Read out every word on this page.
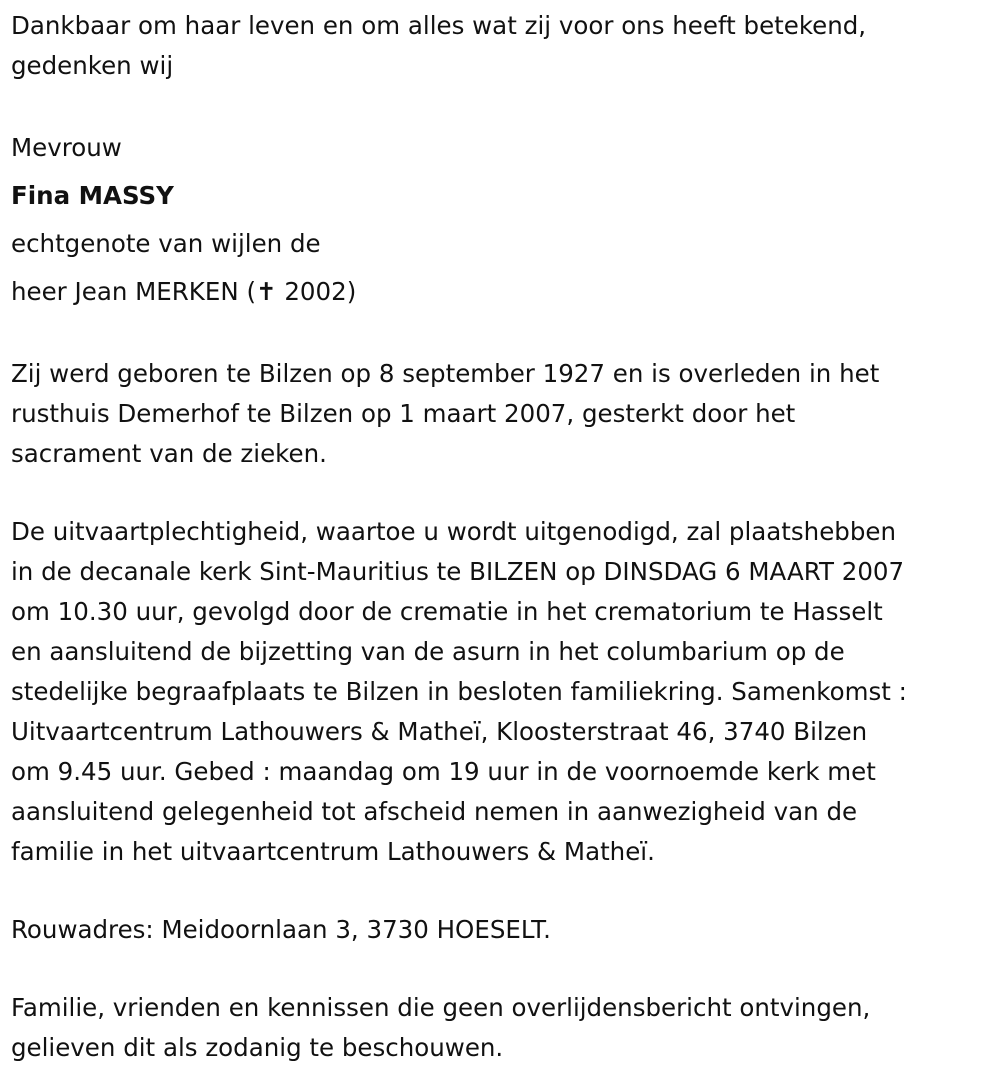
Dankbaar om haar leven en om alles wat zij voor ons heeft betekend,
gedenken wij
Mevrouw
Fina MASSY
echtgenote van wijlen de
heer Jean MERKEN (✝ 2002)
Zij werd geboren te Bilzen op 8 september 1927 en is overleden in het
rusthuis Demerhof te Bilzen op 1 maart 2007, gesterkt door het
sacrament van de zieken.
De uitvaartplechtigheid, waartoe u wordt uitgenodigd, zal plaatshebben
in de decanale kerk Sint-Mauritius te BILZEN op DINSDAG 6 MAART 2007
om 10.30 uur, gevolgd door de crematie in het crematorium te Hasselt
en aansluitend de bijzetting van de asurn in het columbarium op de
stedelijke begraafplaats te Bilzen in besloten familiekring. Samenkomst :
Uitvaartcentrum Lathouwers & Matheï, Kloosterstraat 46, 3740 Bilzen
om 9.45 uur. Gebed : maandag om 19 uur in de voornoemde kerk met
aansluitend gelegenheid tot afscheid nemen in aanwezigheid van de
familie in het uitvaartcentrum Lathouwers & Matheï.
Rouwadres: Meidoornlaan 3, 3730 HOESELT.
Familie, vrienden en kennissen die geen overlijdensbericht ontvingen,
gelieven dit als zodanig te beschouwen.
